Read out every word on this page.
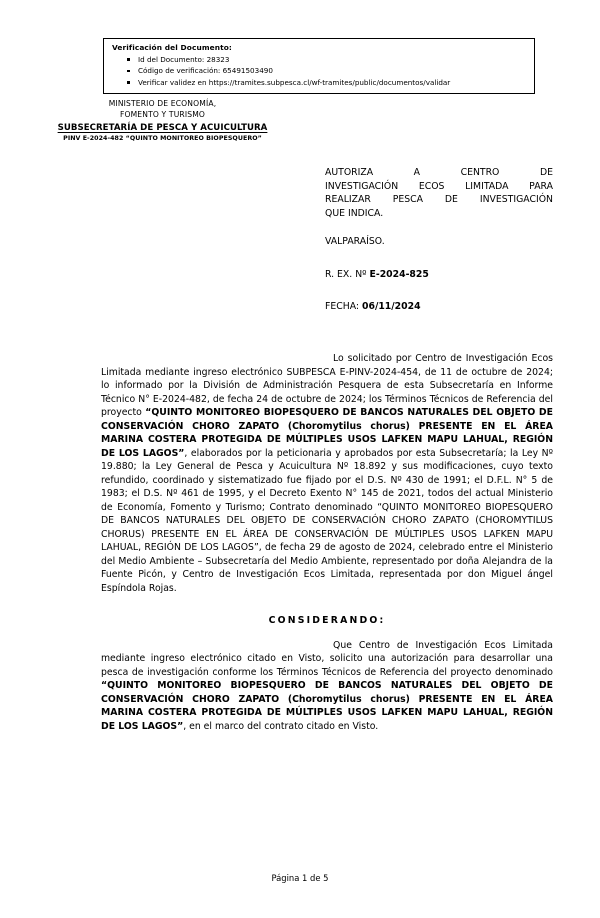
Verificación del Documento:
Id del Documento: 28323
Código de verificación: 65491503490
Verificar validez en https://tramites.subpesca.cl/wf-tramites/public/documentos/validar
MINISTERIO DE ECONOMÍA,
FOMENTO Y TURISMO
SUBSECRETARÍA DE PESCA Y ACUICULTURA
PINV E-2024-482 “QUINTO MONITOREO BIOPESQUERO”
AUTORIZA A CENTRO DE
INVESTIGACIÓN ECOS LIMITADA PARA
REALIZAR PESCA DE INVESTIGACIÓN
QUE INDICA.
VALPARAÍSO.
R. EX. Nº E-2024-825
FECHA: 06/11/2024

Lo solicitado por Centro de Investigación Ecos Limitada mediante ingreso electrónico SUBPESCA E-PINV-2024-454, de 11 de octubre de 2024; lo informado por la División de Administración Pesquera de esta Subsecretaría en Informe Técnico N° E-2024-482, de fecha 24 de octubre de 2024; los Términos Técnicos de Referencia del proyecto “QUINTO MONITOREO BIOPESQUERO DE BANCOS NATURALES DEL OBJETO DE CONSERVACIÓN CHORO ZAPATO (Choromytilus chorus) PRESENTE EN EL ÁREA MARINA COSTERA PROTEGIDA DE MÚLTIPLES USOS LAFKEN MAPU LAHUAL, REGIÓN DE LOS LAGOS”, elaborados por la peticionaria y aprobados por esta Subsecretaría; la Ley Nº 19.880; la Ley General de Pesca y Acuicultura Nº 18.892 y sus modificaciones, cuyo texto refundido, coordinado y sistematizado fue fijado por el D.S. Nº 430 de 1991; el D.F.L. N° 5 de 1983; el D.S. Nº 461 de 1995, y el Decreto Exento N° 145 de 2021, todos del actual Ministerio de Economía, Fomento y Turismo; Contrato denominado “QUINTO MONITOREO BIOPESQUERO DE BANCOS NATURALES DEL OBJETO DE CONSERVACIÓN CHORO ZAPATO (CHOROMYTILUS CHORUS) PRESENTE EN EL ÁREA DE CONSERVACIÓN DE MÚLTIPLES USOS LAFKEN MAPU LAHUAL, REGIÓN DE LOS LAGOS”, de fecha 29 de agosto de 2024, celebrado entre el Ministerio del Medio Ambiente – Subsecretaría del Medio Ambiente, representado por doña Alejandra de la Fuente Picón, y Centro de Investigación Ecos Limitada, representada por don Miguel ángel Espíndola Rojas.

CONSIDERANDO:

Que Centro de Investigación Ecos Limitada mediante ingreso electrónico citado en Visto, solicito una autorización para desarrollar una pesca de investigación conforme los Términos Técnicos de Referencia del proyecto denominado “QUINTO MONITOREO BIOPESQUERO DE BANCOS NATURALES DEL OBJETO DE CONSERVACIÓN CHORO ZAPATO (Choromytilus chorus) PRESENTE EN EL ÁREA MARINA COSTERA PROTEGIDA DE MÚLTIPLES USOS LAFKEN MAPU LAHUAL, REGIÓN DE LOS LAGOS”, en el marco del contrato citado en Visto.

Página 1 de 5
